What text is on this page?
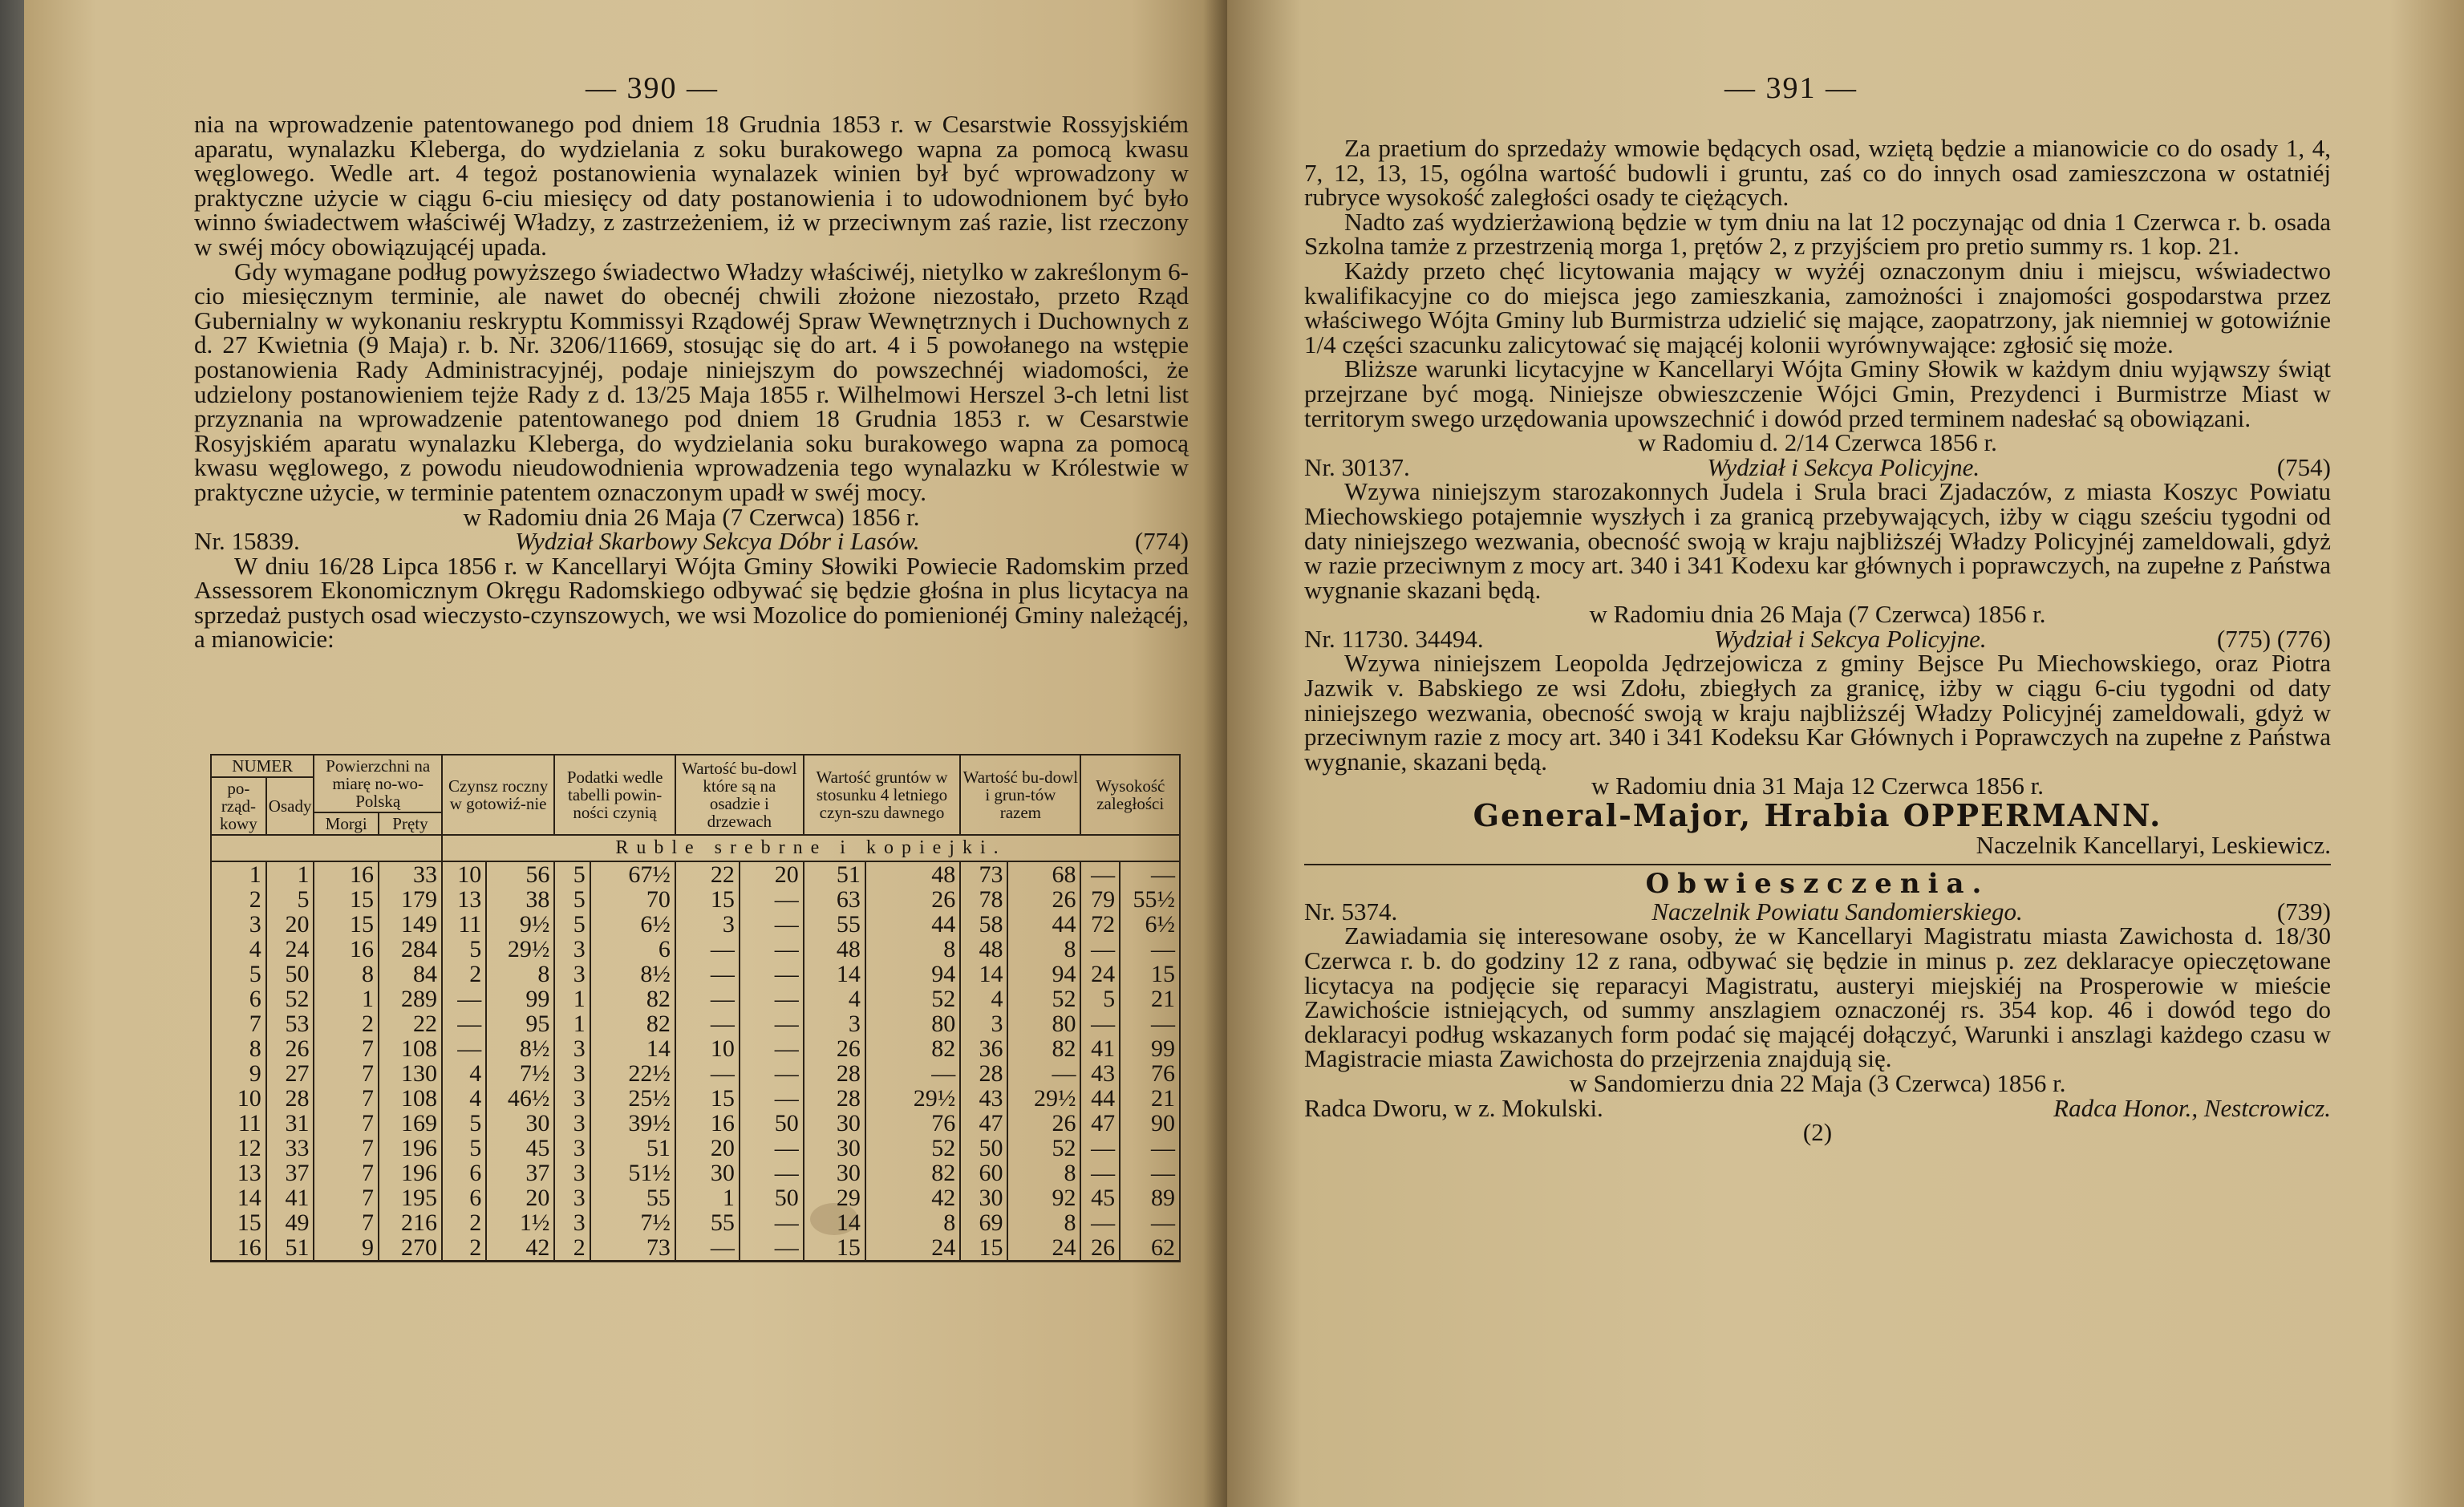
— 390 —

nia na wprowadzenie patentowanego pod dniem 18 Grudnia 1853 r. w Cesarstwie Rossyjskiém aparatu, wynalazku Kleberga, do wydzielania z soku burakowego wapna za pomocą kwasu węglowego. Wedle art. 4 tegoż postanowienia wynalazek winien był być wprowadzony w praktyczne użycie w ciągu 6-ciu miesięcy od daty postanowienia i to udowodnionem być było winno świadectwem właściwéj Władzy, z zastrzeżeniem, iż w przeciwnym zaś razie, list rzeczony w swéj mócy obowiązującéj upada.

Gdy wymagane podług powyższego świadectwo Władzy właściwéj, nietylko w zakreślonym 6-cio miesięcznym terminie, ale nawet do obecnéj chwili złożone niezostało, przeto Rząd Gubernialny w wykonaniu reskryptu Kommissyi Rządowéj Spraw Wewnętrznych i Duchownych z d. 27 Kwietnia (9 Maja) r. b. Nr. 3206/11669, stosując się do art. 4 i 5 powołanego na wstępie postanowienia Rady Administracyjnéj, podaje niniejszym do powszechnéj wiadomości, że udzielony postanowieniem tejże Rady z d. 13/25 Maja 1855 r. Wilhelmowi Herszel 3-ch letni list przyznania na wprowadzenie patentowanego pod dniem 18 Grudnia 1853 r. w Cesarstwie Rosyjskiém aparatu wynalazku Kleberga, do wydzielania soku burakowego wapna za pomocą kwasu węglowego, z powodu nieudowodnienia wprowadzenia tego wynalazku w Królestwie w praktyczne użycie, w terminie patentem oznaczonym upadł w swéj mocy.

w Radomiu dnia 26 Maja (7 Czerwca) 1856 r.

Nr. 15839.	Wydział Skarbowy Sekcya Dóbr i Lasów.	(774)

W dniu 16/28 Lipca 1856 r. w Kancellaryi Wójta Gminy Słowiki Powiecie Radomskim przed Assessorem Ekonomicznym Okręgu Radomskiego odbywać się będzie głośna in plus licytacya na sprzedaż pustych osad wieczysto-czynszowych, we wsi Mozolice do pomienionéj Gminy należącéj, a mianowicie:

NUMER		Powierzchni na miarę no-wo-Polską		Czynsz roczny w gotowiź-nie		Podatki wedle tabelli powin-ności czynią		Wartość bu-dowl które są na osadzie i drzewach		Wartość gruntów w stosunku 4 letniego czyn-szu dawnego		Wartość bu-dowl i grun-tów razem		Wysokość zaległości	
po-rząd-kowy	Osady														
		Morgi	Pręty												
				Ruble srebrne i kopiejki.											
1	1	16	33	10	56	5	67½	22	20	51	48	73	68	—	—
2	5	15	179	13	38	5	70	15	—	63	26	78	26	79	55½
3	20	15	149	11	9½	5	6½	3	—	55	44	58	44	72	6½
4	24	16	284	5	29½	3	6	—	—	48	8	48	8	—	—
5	50	8	84	2	8	3	8½	—	—	14	94	14	94	24	15
6	52	1	289	—	99	1	82	—	—	4	52	4	52	5	21
7	53	2	22	—	95	1	82	—	—	3	80	3	80	—	—
8	26	7	108	—	8½	3	14	10	—	26	82	36	82	41	99
9	27	7	130	4	7½	3	22½	—	—	28	—	28	—	43	76
10	28	7	108	4	46½	3	25½	15	—	28	29½	43	29½	44	21
11	31	7	169	5	30	3	39½	16	50	30	76	47	26	47	90
12	33	7	196	5	45	3	51	20	—	30	52	50	52	—	—
13	37	7	196	6	37	3	51½	30	—	30	82	60	8	—	—
14	41	7	195	6	20	3	55	1	50	29	42	30	92	45	89
15	49	7	216	2	1½	3	7½	55	—	14	8	69	8	—	—
16	51	9	270	2	42	2	73	—	—	15	24	15	24	26	62
— 391 —

Za praetium do sprzedaży wmowie będących osad, wziętą będzie a mianowicie co do osady 1, 4, 7, 12, 13, 15, ogólna wartość budowli i gruntu, zaś co do innych osad zamieszczona w ostatniéj rubryce wysokość zaległości osady te ciężących.

Nadto zaś wydzierżawioną będzie w tym dniu na lat 12 poczynając od dnia 1 Czerwca r. b. osada Szkolna tamże z przestrzenią morga 1, prętów 2, z przyjściem pro pretio summy rs. 1 kop. 21.

Każdy przeto chęć licytowania mający w wyżéj oznaczonym dniu i miejscu, wświadectwo kwalifikacyjne co do miejsca jego zamieszkania, zamożności i znajomości gospodarstwa przez właściwego Wójta Gminy lub Burmistrza udzielić się mające, zaopatrzony, jak niemniej w gotowiźnie 1/4 części szacunku zalicytować się mającéj kolonii wyrównywające: zgłosić się może.

Bliższe warunki licytacyjne w Kancellaryi Wójta Gminy Słowik w każdym dniu wyjąwszy świąt przejrzane być mogą. Niniejsze obwieszczenie Wójci Gmin, Prezydenci i Burmistrze Miast w territorym swego urzędowania upowszechnić i dowód przed terminem nadesłać są obowiązani.

w Radomiu d. 2/14 Czerwca 1856 r.

Nr. 30137.	Wydział i Sekcya Policyjne.	(754)

Wzywa niniejszym starozakonnych Judela i Srula braci Zjadaczów, z miasta Koszyc Powiatu Miechowskiego potajemnie wyszłych i za granicą przebywających, iżby w ciągu sześciu tygodni od daty niniejszego wezwania, obecność swoją w kraju najbliższéj Władzy Policyjnéj zameldowali, gdyż w razie przeciwnym z mocy art. 340 i 341 Kodexu kar głównych i poprawczych, na zupełne z Państwa wygnanie skazani będą.

w Radomiu dnia 26 Maja (7 Czerwca) 1856 r.

Nr. 11730. 34494.	Wydział i Sekcya Policyjne.	(775) (776)

Wzywa niniejszem Leopolda Jędrzejowicza z gminy Bejsce Pu Miechowskiego, oraz Piotra Jazwik v. Babskiego ze wsi Zdołu, zbiegłych za granicę, iżby w ciągu 6-ciu tygodni od daty niniejszego wezwania, obecność swoją w kraju najbliższéj Władzy Policyjnéj zameldowali, gdyż w przeciwnym razie z mocy art. 340 i 341 Kodeksu Kar Głównych i Poprawczych na zupełne z Państwa wygnanie, skazani będą.

w Radomiu dnia 31 Maja 12 Czerwca 1856 r.

General-Major, Hrabia OPPERMANN.

Naczelnik Kancellaryi, Leskiewicz.

Obwieszczenia.
Nr. 5374.	Naczelnik Powiatu Sandomierskiego.	(739)

Zawiadamia się interesowane osoby, że w Kancellaryi Magistratu miasta Zawichosta d. 18/30 Czerwca r. b. do godziny 12 z rana, odbywać się będzie in minus p. zez deklaracye opieczętowane licytacya na podjęcie się reparacyi Magistratu, austeryi miejskiéj na Prosperowie w mieście Zawichoście istniejących, od summy anszlagiem oznaczonéj rs. 354 kop. 46 i dowód tego do deklaracyi podług wskazanych form podać się mającéj dołączyć, Warunki i anszlagi każdego czasu w Magistracie miasta Zawichosta do przejrzenia znajdują się.

w Sandomierzu dnia 22 Maja (3 Czerwca) 1856 r.

Radca Dworu, w z. Mokulski.	Radca Honor., Nestcrowicz.

(2)
